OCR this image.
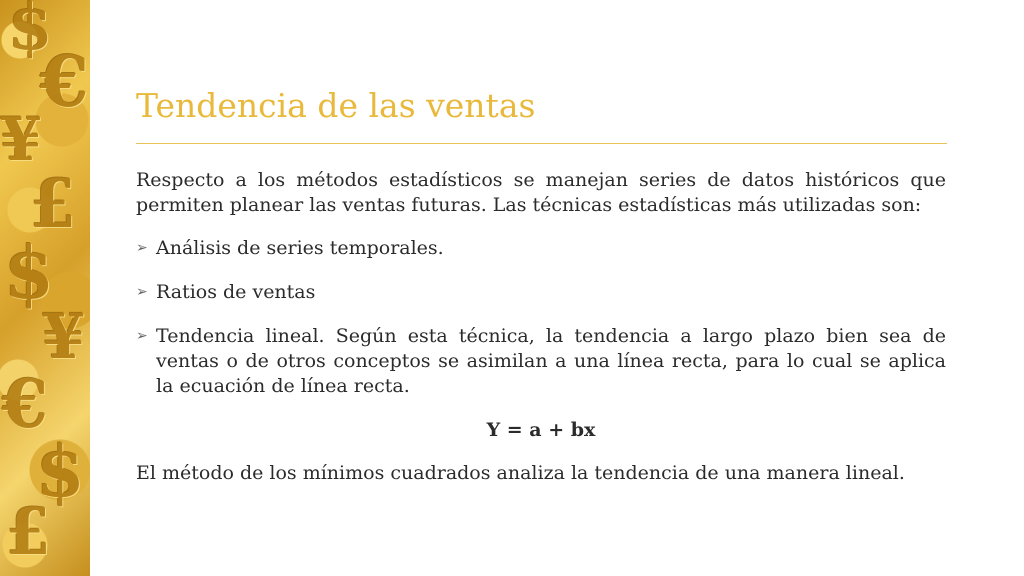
$
€
¥
£
$
¥
€
$
£
Tendencia de las ventas

Respecto a los métodos estadísticos se manejan series de datos históricos que permiten planear las ventas futuras. Las técnicas estadísticas más utilizadas son:

➢ Análisis de series temporales.
➢ Ratios de ventas
➢ Tendencia lineal. Según esta técnica, la tendencia a largo plazo bien sea de ventas o de otros conceptos se asimilan a una línea recta, para lo cual se aplica la ecuación de línea recta.
Y = a + bx

El método de los mínimos cuadrados analiza la tendencia de una manera lineal.
